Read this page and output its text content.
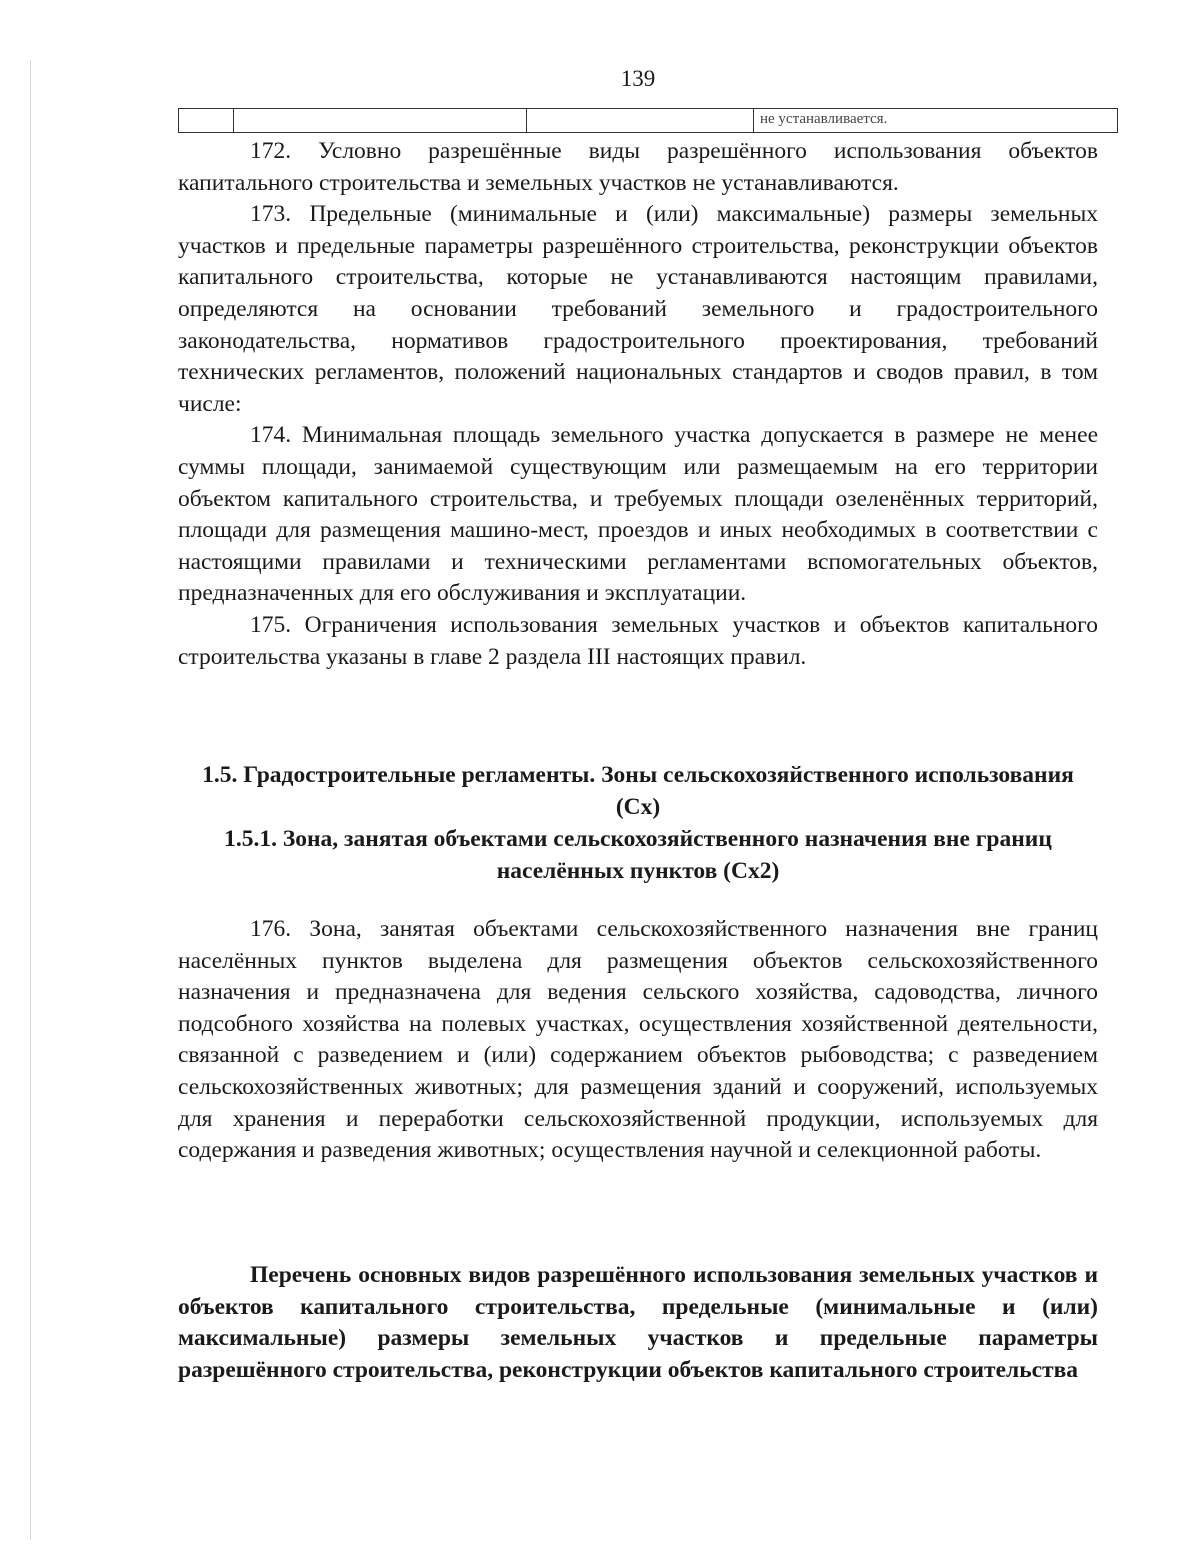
139
не устанавливается.

172. Условно разрешённые виды разрешённого использования объектов капитального строительства и земельных участков не устанавливаются.

173. Предельные (минимальные и (или) максимальные) размеры земельных участков и предельные параметры разрешённого строительства, реконструкции объектов капитального строительства, которые не устанавливаются настоящим правилами, определяются на основании требований земельного и градостроительного законодательства, нормативов градостроительного проектирования, требований технических регламентов, положений национальных стандартов и сводов правил, в том числе:

174. Минимальная площадь земельного участка допускается в размере не менее суммы площади, занимаемой существующим или размещаемым на его территории объектом капитального строительства, и требуемых площади озеленённых территорий, площади для размещения машино-мест, проездов и иных необходимых в соответствии с настоящими правилами и техническими регламентами вспомогательных объектов, предназначенных для его обслуживания и эксплуатации.

175. Ограничения использования земельных участков и объектов капитального строительства указаны в главе 2 раздела III настоящих правил.

1.5. Градостроительные регламенты. Зоны сельскохозяйственного использования (Сх)
1.5.1. Зона, занятая объектами сельскохозяйственного назначения вне границ населённых пунктов (Сх2)

176. Зона, занятая объектами сельскохозяйственного назначения вне границ населённых пунктов выделена для размещения объектов сельскохозяйственного назначения и предназначена для ведения сельского хозяйства, садоводства, личного подсобного хозяйства на полевых участках, осуществления хозяйственной деятельности, связанной с разведением и (или) содержанием объектов рыбоводства; с разведением сельскохозяйственных животных; для размещения зданий и сооружений, используемых для хранения и переработки сельскохозяйственной продукции, используемых для содержания и разведения животных; осуществления научной и селекционной работы.

Перечень основных видов разрешённого использования земельных участков и объектов капитального строительства, предельные (минимальные и (или) максимальные) размеры земельных участков и предельные параметры разрешённого строительства, реконструкции объектов капитального строительства
